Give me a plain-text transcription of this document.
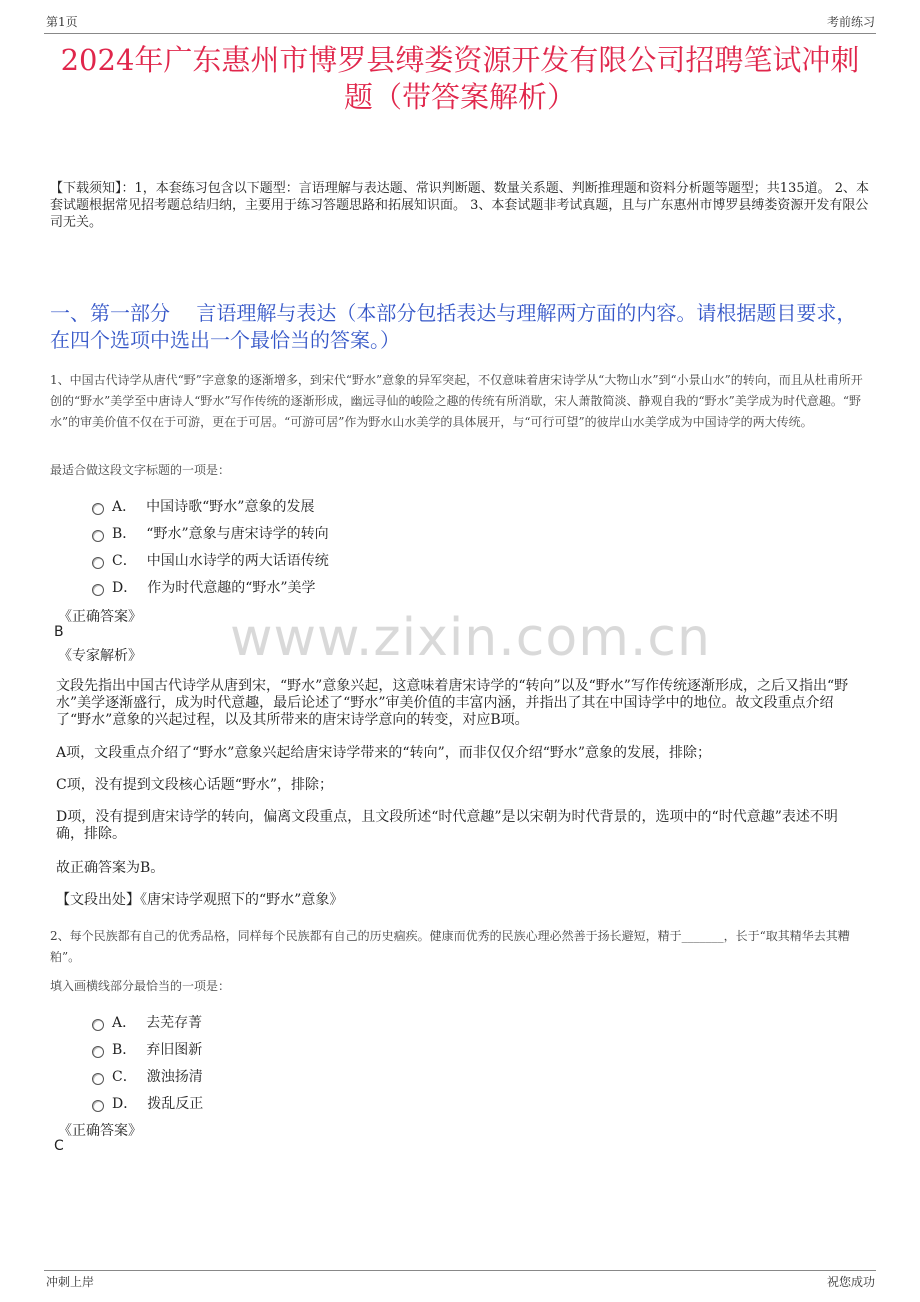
第1页	考前练习
www.zixin.com.cn
2024年广东惠州市博罗县缚娄资源开发有限公司招聘笔试冲刺题（带答案解析）
【下载须知】：1，本套练习包含以下题型：言语理解与表达题、常识判断题、数量关系题、判断推理题和资料分析题等题型；共135道。 2、本套试题根据常见招考题总结归纳，主要用于练习答题思路和拓展知识面。 3、本套试题非考试真题，且与广东惠州市博罗县缚娄资源开发有限公司无关。
一、第一部分　 言语理解与表达（本部分包括表达与理解两方面的内容。请根据题目要求，在四个选项中选出一个最恰当的答案。）
1、中国古代诗学从唐代“野”字意象的逐渐增多，到宋代“野水”意象的异军突起，不仅意味着唐宋诗学从“大物山水”到“小景山水”的转向，而且从杜甫所开创的“野水”美学至中唐诗人“野水”写作传统的逐渐形成，幽远寻仙的峻险之趣的传统有所消歇，宋人萧散简淡、静观自我的“野水”美学成为时代意趣。“野水”的审美价值不仅在于可游，更在于可居。“可游可居”作为野水山水美学的具体展开，与“可行可望”的彼岸山水美学成为中国诗学的两大传统。
最适合做这段文字标题的一项是：
A． 中国诗歌“野水”意象的发展
B． “野水”意象与唐宋诗学的转向
C． 中国山水诗学的两大话语传统
D． 作为时代意趣的“野水”美学
《正确答案》
B
《专家解析》
文段先指出中国古代诗学从唐到宋，“野水”意象兴起，这意味着唐宋诗学的“转向”以及“野水”写作传统逐渐形成，之后又指出“野水”美学逐渐盛行，成为时代意趣，最后论述了“野水”审美价值的丰富内涵，并指出了其在中国诗学中的地位。故文段重点介绍了“野水”意象的兴起过程，以及其所带来的唐宋诗学意向的转变，对应B项。
A项，文段重点介绍了“野水”意象兴起给唐宋诗学带来的“转向”，而非仅仅介绍“野水”意象的发展，排除；
C项，没有提到文段核心话题“野水”，排除；
D项，没有提到唐宋诗学的转向，偏离文段重点，且文段所述“时代意趣”是以宋朝为时代背景的，选项中的“时代意趣”表述不明确，排除。
故正确答案为B。
【文段出处】《唐宋诗学观照下的“野水”意象》
2、每个民族都有自己的优秀品格，同样每个民族都有自己的历史痼疾。健康而优秀的民族心理必然善于扬长避短，精于_______，长于“取其精华去其糟粕”。
填入画横线部分最恰当的一项是：
A． 去芜存菁
B． 弃旧图新
C． 激浊扬清
D． 拨乱反正
《正确答案》
C
冲刺上岸	祝您成功
